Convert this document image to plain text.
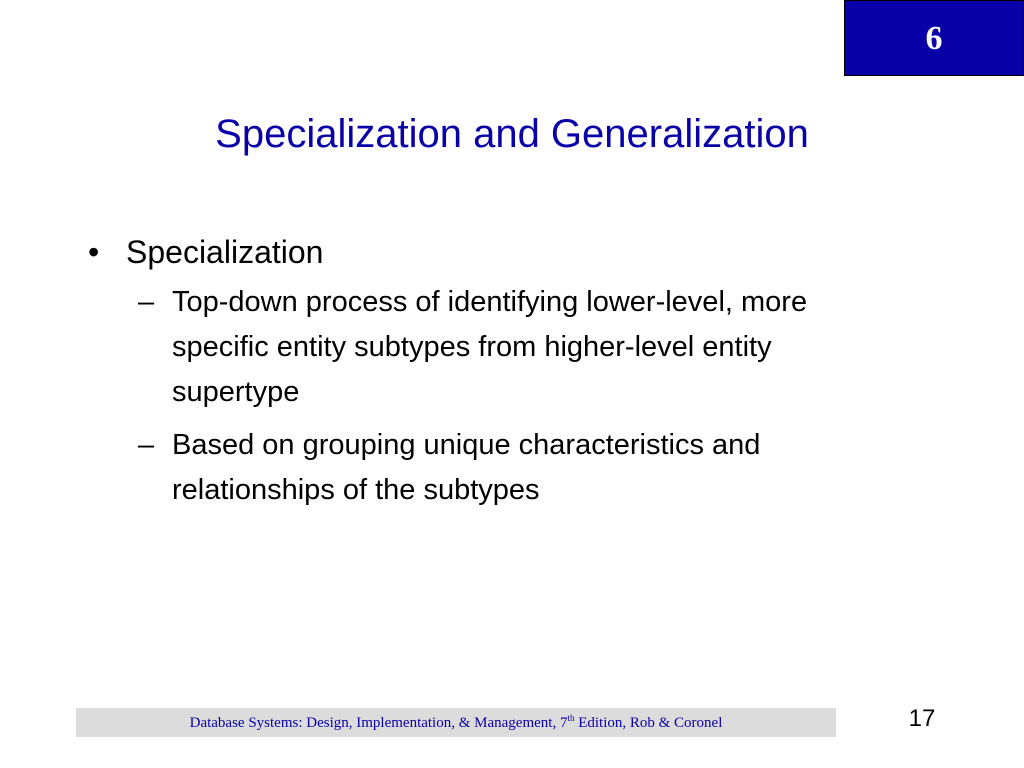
6
Specialization and Generalization
• Specialization
– Top-down process of identifying lower-level, more specific entity subtypes from higher-level entity supertype
– Based on grouping unique characteristics and relationships of the subtypes
Database Systems: Design, Implementation, & Management, 7th Edition, Rob & Coronel	17
